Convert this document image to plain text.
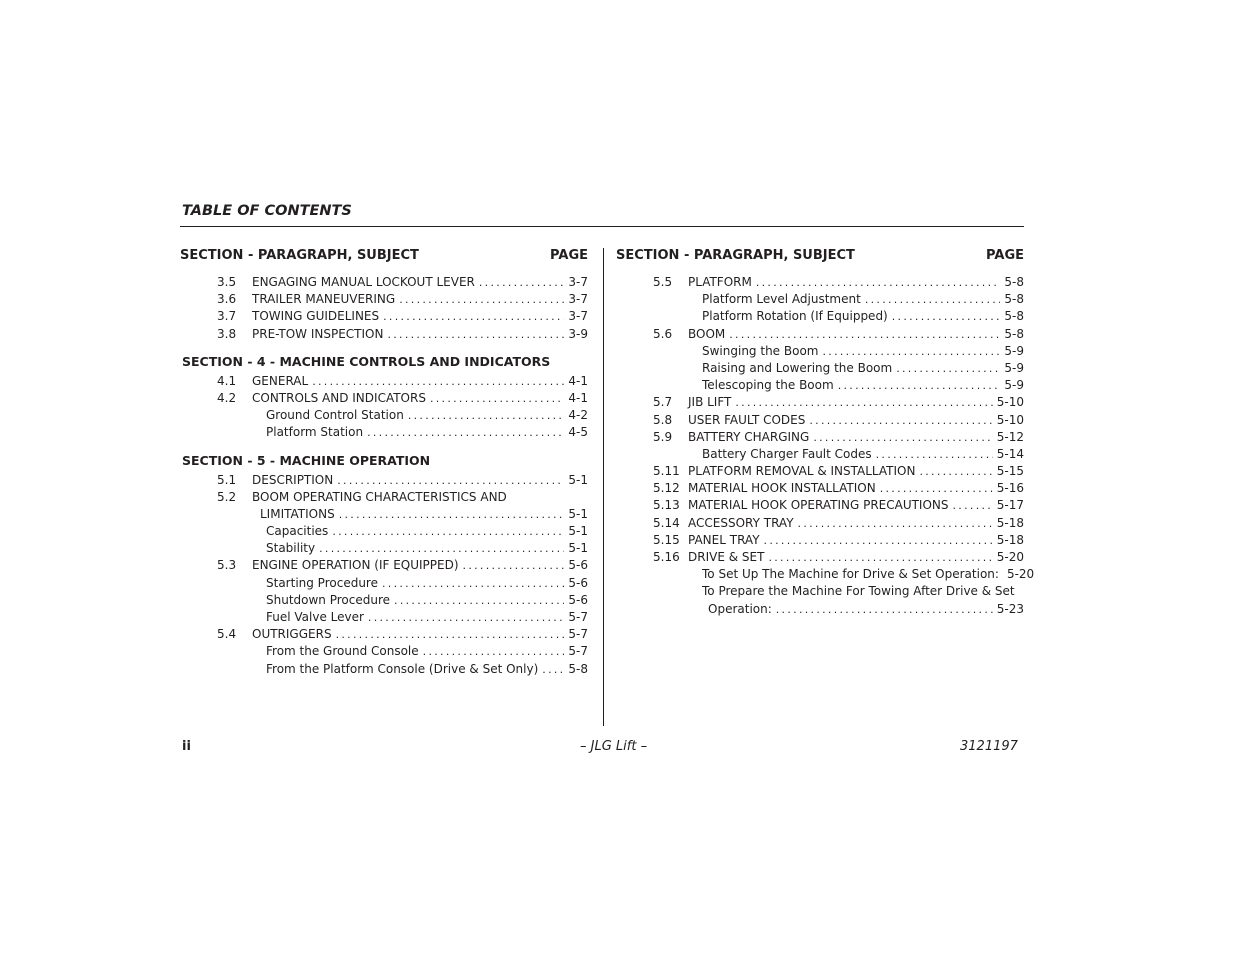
TABLE OF CONTENTS
SECTION - PARAGRAPH, SUBJECT	PAGE
3.5	ENGAGING MANUAL LOCKOUT LEVER . . .	3-7
3.6	TRAILER MANEUVERING . . .	3-7
3.7	TOWING GUIDELINES . . .	3-7
3.8	PRE-TOW INSPECTION . . .	3-9
SECTION - 4 - MACHINE CONTROLS AND INDICATORS
4.1	GENERAL . . .	4-1
4.2	CONTROLS AND INDICATORS . . .	4-1
Ground Control Station . . .	4-2
Platform Station . . .	4-5
SECTION - 5 - MACHINE OPERATION
5.1	DESCRIPTION . . .	5-1
5.2	BOOM OPERATING CHARACTERISTICS AND
LIMITATIONS . . .	5-1
Capacities . . .	5-1
Stability . . .	5-1
5.3	ENGINE OPERATION (IF EQUIPPED) . . .	5-6
Starting Procedure . . .	5-6
Shutdown Procedure . . .	5-6
Fuel Valve Lever . . .	5-7
5.4	OUTRIGGERS . . .	5-7
From the Ground Console . . .	5-7
From the Platform Console (Drive & Set Only) . . .	5-8
SECTION - PARAGRAPH, SUBJECT	PAGE
5.5	PLATFORM . . .	5-8
Platform Level Adjustment . . .	5-8
Platform Rotation (If Equipped) . . .	5-8
5.6	BOOM . . .	5-8
Swinging the Boom . . .	5-9
Raising and Lowering the Boom . . .	5-9
Telescoping the Boom . . .	5-9
5.7	JIB LIFT . . .	5-10
5.8	USER FAULT CODES . . .	5-10
5.9	BATTERY CHARGING . . .	5-12
Battery Charger Fault Codes . . .	5-14
5.11 PLATFORM REMOVAL & INSTALLATION . . .	5-15
5.12 MATERIAL HOOK INSTALLATION . . .	5-16
5.13 MATERIAL HOOK OPERATING PRECAUTIONS . . .	5-17
5.14 ACCESSORY TRAY . . .	5-18
5.15 PANEL TRAY . . .	5-18
5.16 DRIVE & SET . . .	5-20
To Set Up The Machine for Drive & Set Operation: 5-20
To Prepare the Machine For Towing After Drive & Set
Operation: . . .	5-23
ii	– JLG Lift –	3121197
